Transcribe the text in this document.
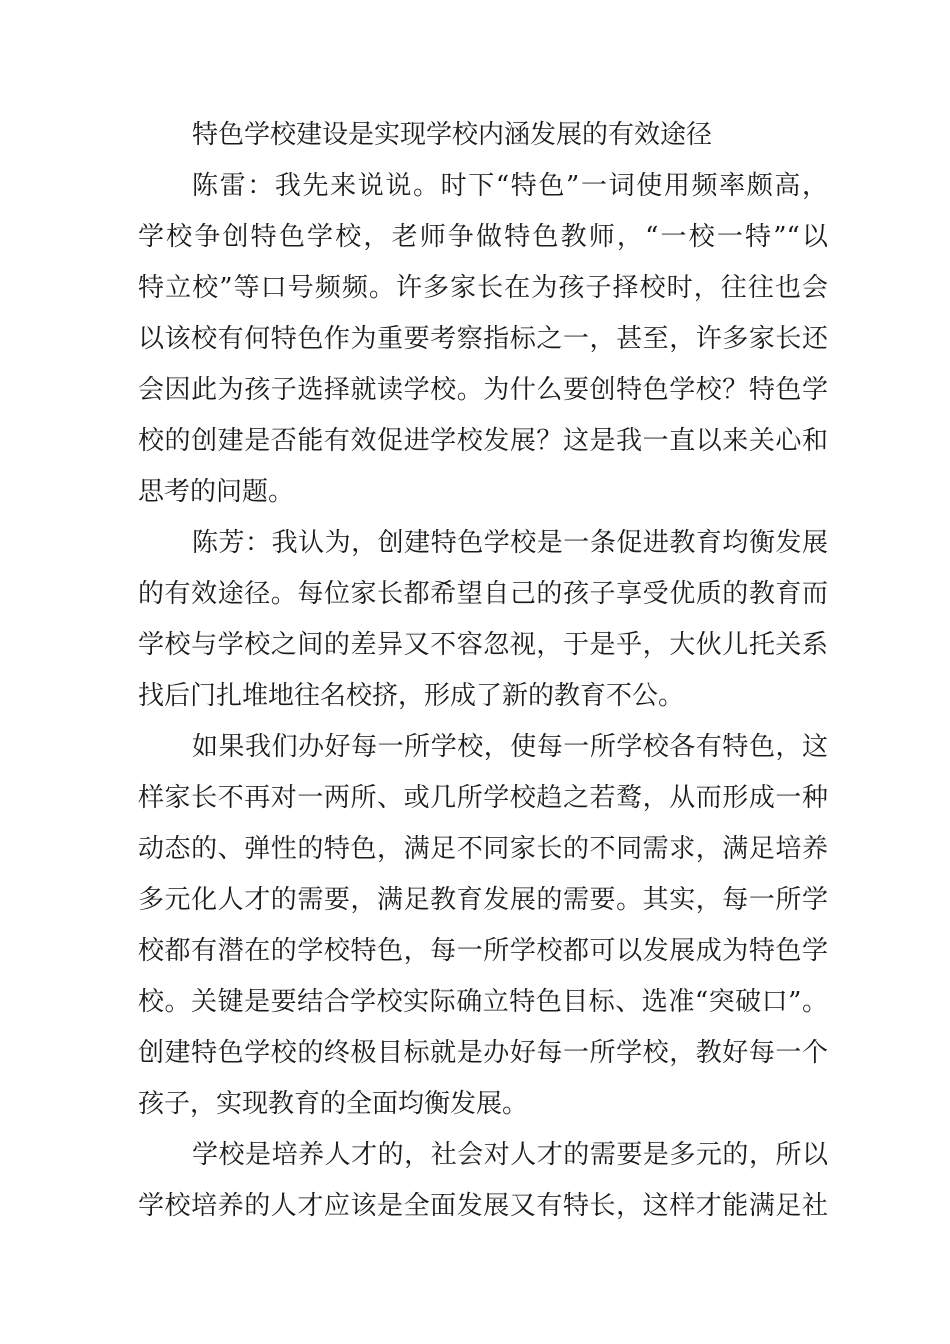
特色学校建设是实现学校内涵发展的有效途径
陈雷：我先来说说。时下“特色”一词使用频率颇高，
学校争创特色学校，老师争做特色教师，“一校一特”“以
特立校”等口号频频。许多家长在为孩子择校时，往往也会
以该校有何特色作为重要考察指标之一，甚至，许多家长还
会因此为孩子选择就读学校。为什么要创特色学校？特色学
校的创建是否能有效促进学校发展？这是我一直以来关心和
思考的问题。
陈芳：我认为，创建特色学校是一条促进教育均衡发展
的有效途径。每位家长都希望自己的孩子享受优质的教育而
学校与学校之间的差异又不容忽视，于是乎，大伙儿托关系
找后门扎堆地往名校挤，形成了新的教育不公。
如果我们办好每一所学校，使每一所学校各有特色，这
样家长不再对一两所、或几所学校趋之若鹜，从而形成一种
动态的、弹性的特色，满足不同家长的不同需求，满足培养
多元化人才的需要，满足教育发展的需要。其实，每一所学
校都有潜在的学校特色，每一所学校都可以发展成为特色学
校。关键是要结合学校实际确立特色目标、选准“突破口”。
创建特色学校的终极目标就是办好每一所学校，教好每一个
孩子，实现教育的全面均衡发展。
学校是培养人才的，社会对人才的需要是多元的，所以
学校培养的人才应该是全面发展又有特长，这样才能满足社
